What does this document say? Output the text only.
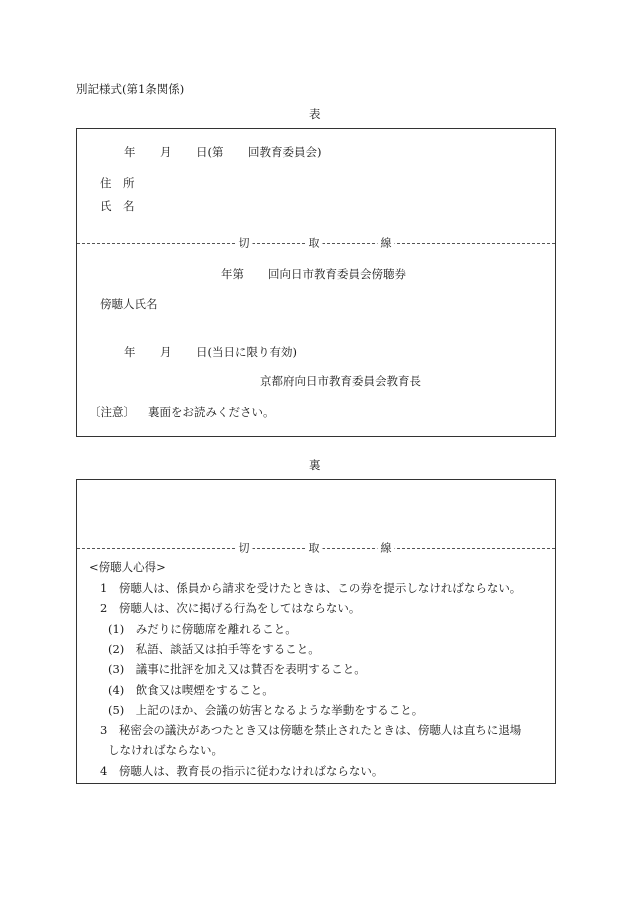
別記様式(第1条関係)
表
年 月 日(第 回教育委員会)
住　所
氏　名
切	取	線
年第 回向日市教育委員会傍聴券
傍聴人氏名
年 月 日(当日に限り有効)
京都府向日市教育委員会教育長
〔注意〕 裏面をお読みください。
裏
切	取	線
<傍聴人心得>
1　傍聴人は、係員から請求を受けたときは、この券を提示しなければならない。
2　傍聴人は、次に掲げる行為をしてはならない。
(1)　みだりに傍聴席を離れること。
(2)　私語、談話又は拍手等をすること。
(3)　議事に批評を加え又は賛否を表明すること。
(4)　飲食又は喫煙をすること。
(5)　上記のほか、会議の妨害となるような挙動をすること。
3　秘密会の議決があつたとき又は傍聴を禁止されたときは、傍聴人は直ちに退場
しなければならない。
4　傍聴人は、教育長の指示に従わなければならない。
